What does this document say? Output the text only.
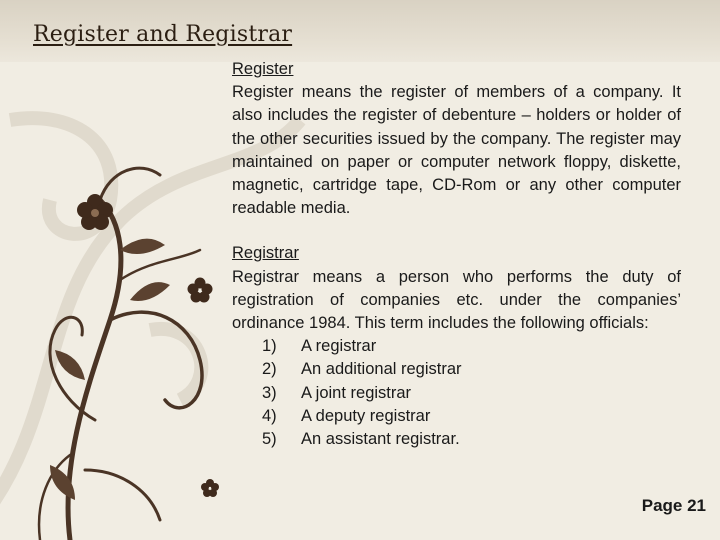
Register and Registrar
Register

Register means the register of members of a company. It also includes the register of debenture – holders or holder of the other securities issued by the company. The register may maintained on paper or computer network floppy, diskette, magnetic, cartridge tape, CD-Rom or any other computer readable media.

Registrar

Registrar means a person who performs the duty of registration of companies etc. under the companies’ ordinance 1984. This term includes the following officials:

1)	A registrar
2)	An additional registrar
3)	A joint registrar
4)	A deputy registrar
5)	An assistant registrar.
Page 21
